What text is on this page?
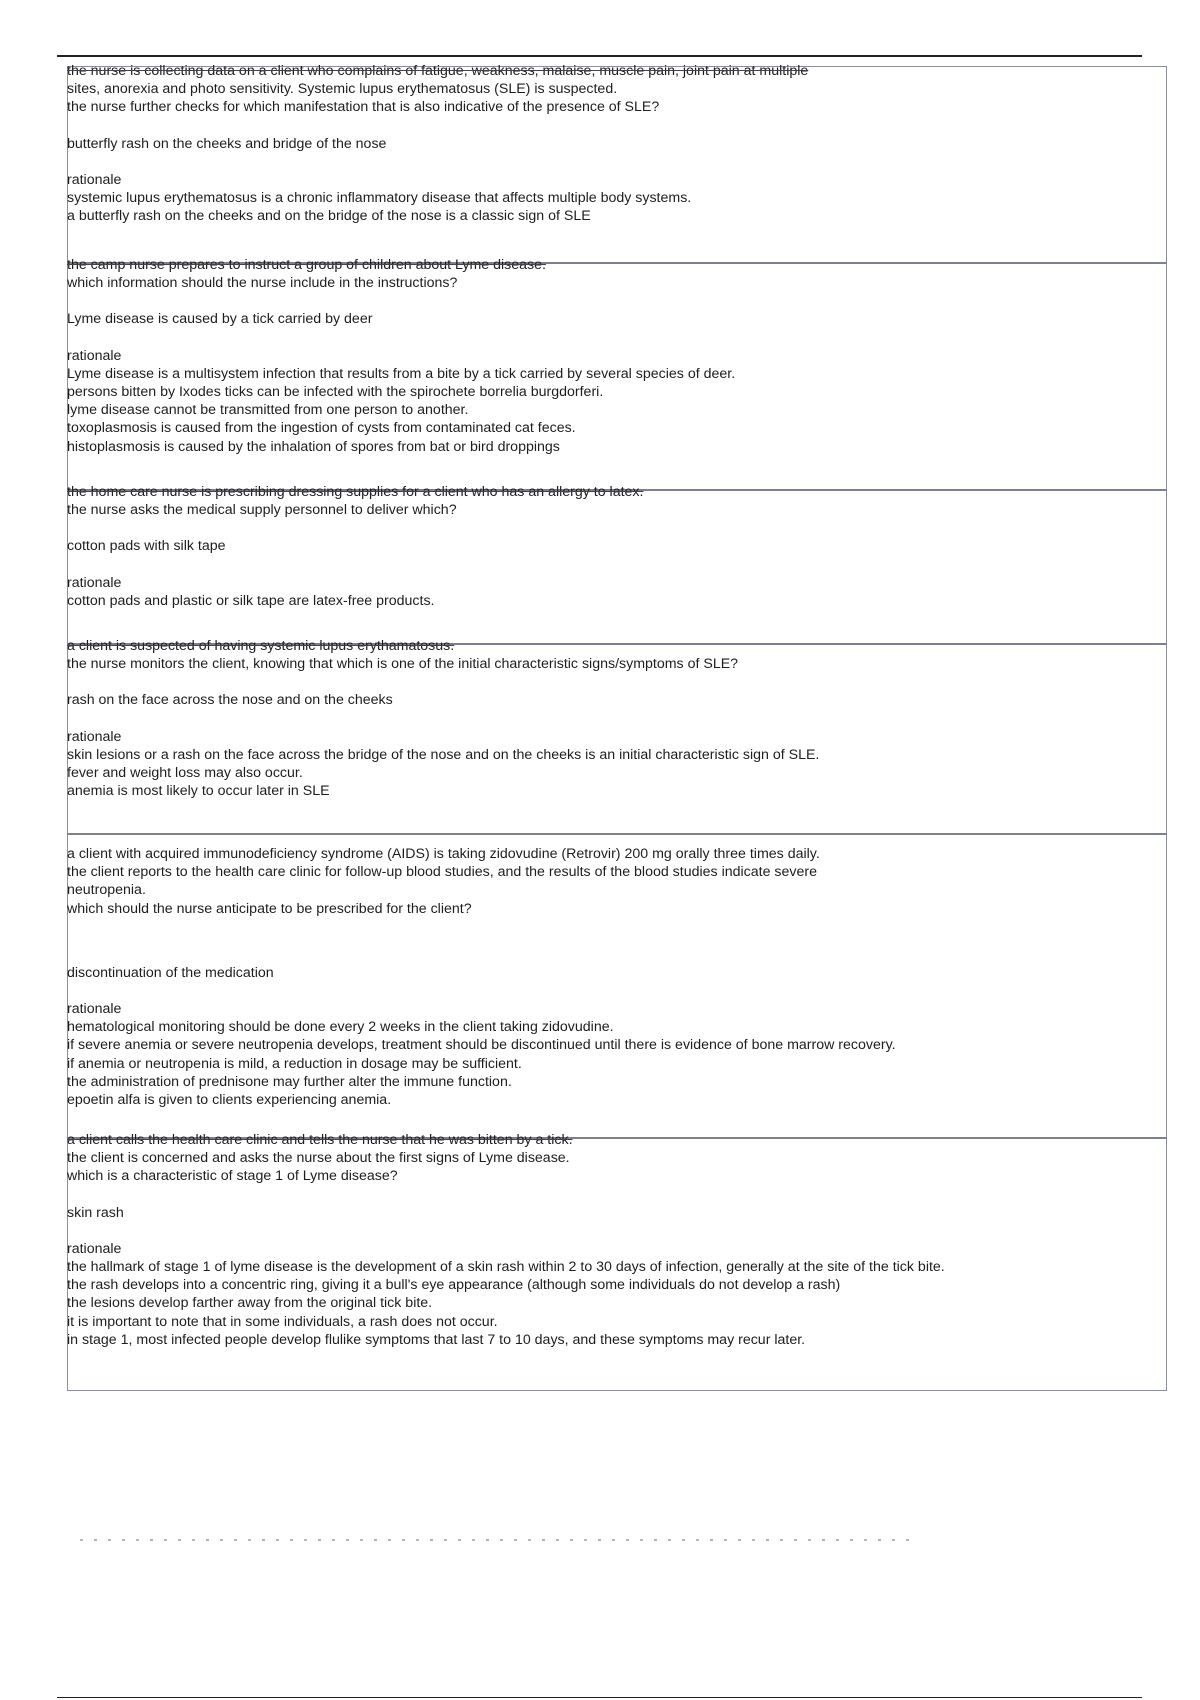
the nurse is collecting data on a client who complains of fatigue, weakness, malaise, muscle pain, joint pain at multiple
sites, anorexia and photo sensitivity. Systemic lupus erythematosus (SLE) is suspected.
the nurse further checks for which manifestation that is also indicative of the presence of SLE?
butterfly rash on the cheeks and bridge of the nose
rationale
systemic lupus erythematosus is a chronic inflammatory disease that affects multiple body systems.
a butterfly rash on the cheeks and on the bridge of the nose is a classic sign of SLE
the camp nurse prepares to instruct a group of children about Lyme disease.
which information should the nurse include in the instructions?
Lyme disease is caused by a tick carried by deer
rationale
Lyme disease is a multisystem infection that results from a bite by a tick carried by several species of deer.
persons bitten by Ixodes ticks can be infected with the spirochete borrelia burgdorferi.
lyme disease cannot be transmitted from one person to another.
toxoplasmosis is caused from the ingestion of cysts from contaminated cat feces.
histoplasmosis is caused by the inhalation of spores from bat or bird droppings
the home care nurse is prescribing dressing supplies for a client who has an allergy to latex.
the nurse asks the medical supply personnel to deliver which?
cotton pads with silk tape
rationale
cotton pads and plastic or silk tape are latex-free products.
a client is suspected of having systemic lupus erythamatosus.
the nurse monitors the client, knowing that which is one of the initial characteristic signs/symptoms of SLE?
rash on the face across the nose and on the cheeks
rationale
skin lesions or a rash on the face across the bridge of the nose and on the cheeks is an initial characteristic sign of SLE.
fever and weight loss may also occur.
anemia is most likely to occur later in SLE
a client with acquired immunodeficiency syndrome (AIDS) is taking zidovudine (Retrovir) 200 mg orally three times daily.
the client reports to the health care clinic for follow-up blood studies, and the results of the blood studies indicate severe
neutropenia.
which should the nurse anticipate to be prescribed for the client?
discontinuation of the medication
rationale
hematological monitoring should be done every 2 weeks in the client taking zidovudine.
if severe anemia or severe neutropenia develops, treatment should be discontinued until there is evidence of bone marrow recovery.
if anemia or neutropenia is mild, a reduction in dosage may be sufficient.
the administration of prednisone may further alter the immune function.
epoetin alfa is given to clients experiencing anemia.
a client calls the health care clinic and tells the nurse that he was bitten by a tick.
the client is concerned and asks the nurse about the first signs of Lyme disease.
which is a characteristic of stage 1 of Lyme disease?
skin rash
rationale
the hallmark of stage 1 of lyme disease is the development of a skin rash within 2 to 30 days of infection, generally at the site of the tick bite.
the rash develops into a concentric ring, giving it a bull's eye appearance (although some individuals do not develop a rash)
the lesions develop farther away from the original tick bite.
it is important to note that in some individuals, a rash does not occur.
in stage 1, most infected people develop flulike symptoms that last 7 to 10 days, and these symptoms may recur later.
